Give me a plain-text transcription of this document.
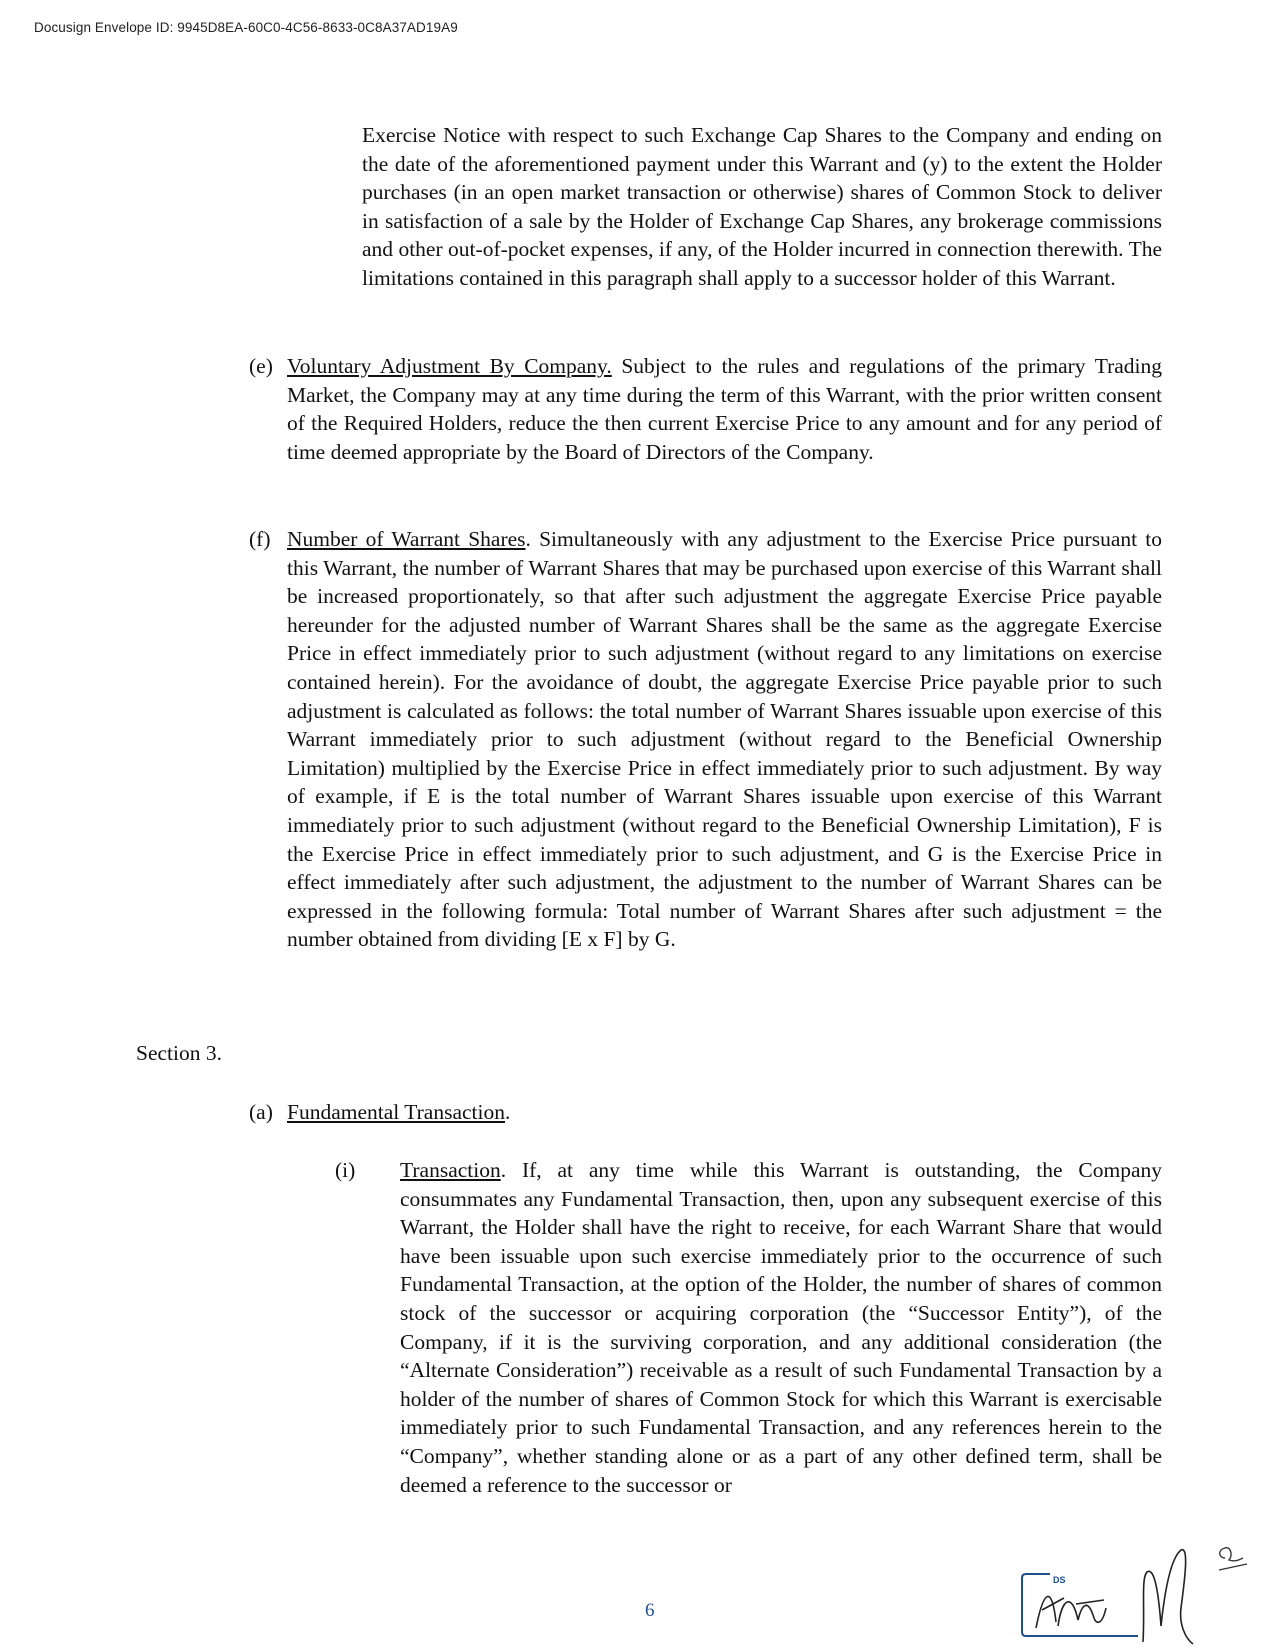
Docusign Envelope ID: 9945D8EA-60C0-4C56-8633-0C8A37AD19A9

Exercise Notice with respect to such Exchange Cap Shares to the Company and ending on the date of the aforementioned payment under this Warrant and (y) to the extent the Holder purchases (in an open market transaction or otherwise) shares of Common Stock to deliver in satisfaction of a sale by the Holder of Exchange Cap Shares, any brokerage commissions and other out-of-pocket expenses, if any, of the Holder incurred in connection therewith. The limitations contained in this paragraph shall apply to a successor holder of this Warrant.

(e) Voluntary Adjustment By Company. Subject to the rules and regulations of the primary Trading Market, the Company may at any time during the term of this Warrant, with the prior written consent of the Required Holders, reduce the then current Exercise Price to any amount and for any period of time deemed appropriate by the Board of Directors of the Company.

(f) Number of Warrant Shares. Simultaneously with any adjustment to the Exercise Price pursuant to this Warrant, the number of Warrant Shares that may be purchased upon exercise of this Warrant shall be increased proportionately, so that after such adjustment the aggregate Exercise Price payable hereunder for the adjusted number of Warrant Shares shall be the same as the aggregate Exercise Price in effect immediately prior to such adjustment (without regard to any limitations on exercise contained herein). For the avoidance of doubt, the aggregate Exercise Price payable prior to such adjustment is calculated as follows: the total number of Warrant Shares issuable upon exercise of this Warrant immediately prior to such adjustment (without regard to the Beneficial Ownership Limitation) multiplied by the Exercise Price in effect immediately prior to such adjustment. By way of example, if E is the total number of Warrant Shares issuable upon exercise of this Warrant immediately prior to such adjustment (without regard to the Beneficial Ownership Limitation), F is the Exercise Price in effect immediately prior to such adjustment, and G is the Exercise Price in effect immediately after such adjustment, the adjustment to the number of Warrant Shares can be expressed in the following formula: Total number of Warrant Shares after such adjustment = the number obtained from dividing [E x F] by G.

Section 3.

(a) Fundamental Transaction.

(i) Transaction. If, at any time while this Warrant is outstanding, the Company consummates any Fundamental Transaction, then, upon any subsequent exercise of this Warrant, the Holder shall have the right to receive, for each Warrant Share that would have been issuable upon such exercise immediately prior to the occurrence of such Fundamental Transaction, at the option of the Holder, the number of shares of common stock of the successor or acquiring corporation (the “Successor Entity”), of the Company, if it is the surviving corporation, and any additional consideration (the “Alternate Consideration”) receivable as a result of such Fundamental Transaction by a holder of the number of shares of Common Stock for which this Warrant is exercisable immediately prior to such Fundamental Transaction, and any references herein to the “Company”, whether standing alone or as a part of any other defined term, shall be deemed a reference to the successor or

6
DS
